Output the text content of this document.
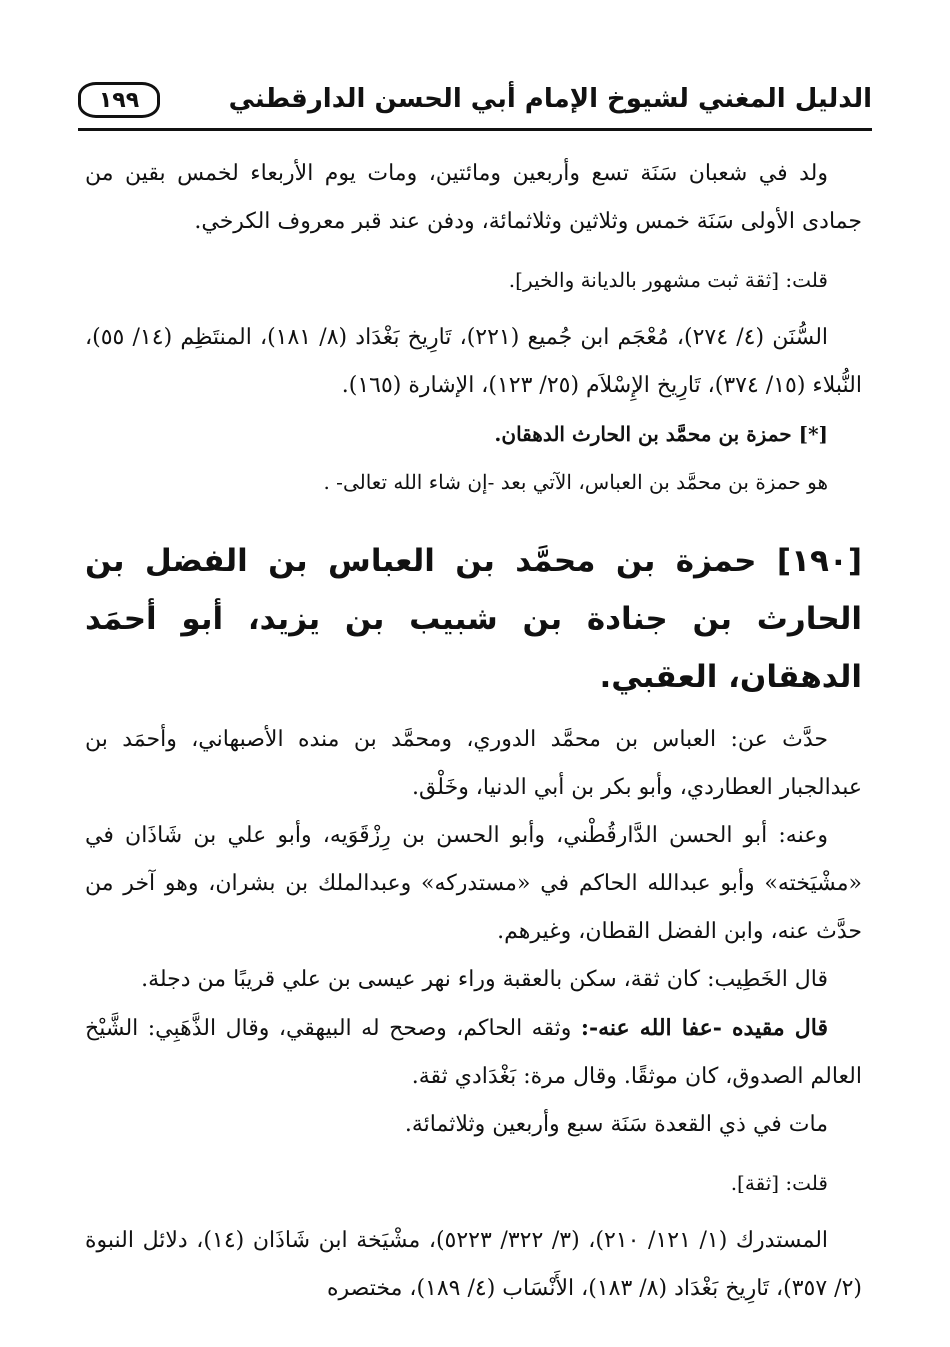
الدليل المغني لشيوخ الإمام أبي الحسن الدارقطني
١٩٩

ولد في شعبان سَنَة تسع وأربعين ومائتين، ومات يوم الأربعاء لخمس بقين من جمادى الأولى سَنَة خمس وثلاثين وثلاثمائة، ودفن عند قبر معروف الكرخي.

قلت: [ثقة ثبت مشهور بالديانة والخير].

السُّنَن (٤/ ٢٧٤)، مُعْجَم ابن جُميع (٢٢١)، تَارِيخ بَغْدَاد (٨/ ١٨١)، المنتَظِم (١٤/ ٥٥)، النُّبلاء (١٥/ ٣٧٤)، تَارِيخ الإِسْلاَم (٢٥/ ١٢٣)، الإشارة (١٦٥).

[*] حمزة بن محمَّد بن الحارث الدهقان.

هو حمزة بن محمَّد بن العباس، الآتي بعد -إن شاء الله تعالى- .

[١٩٠] حمزة بن محمَّد بن العباس بن الفضل بن الحارث بن جنادة بن شبيب بن يزيد، أبو أحمَد الدهقان، العقبي.

حدَّث عن: العباس بن محمَّد الدوري، ومحمَّد بن منده الأصبهاني، وأحمَد بن عبدالجبار العطاردي، وأبو بكر بن أبي الدنيا، وخَلْق.

وعنه: أبو الحسن الدَّارقُطْني، وأبو الحسن بن رِزْقَوَيه، وأبو علي بن شَاذَان في «مشْيَخته» وأبو عبدالله الحاكم في «مستدركه» وعبدالملك بن بشران، وهو آخر من حدَّث عنه، وابن الفضل القطان، وغيرهم.

قال الخَطِيب: كان ثقة، سكن بالعقبة وراء نهر عيسى بن علي قريبًا من دجلة.

قال مقيده -عفا الله عنه-: وثقه الحاكم، وصحح له البيهقي، وقال الذَّهَبِي: الشَّيْخ العالم الصدوق، كان موثقًا. وقال مرة: بَغْدَادي ثقة.

مات في ذي القعدة سَنَة سبع وأربعين وثلاثمائة.

قلت: [ثقة].

المستدرك (١/ ١٢١/ ٢١٠)، (٣/ ٣٢٢/ ٥٢٢٣)، مشْيَخة ابن شَاذَان (١٤)، دلائل النبوة (٢/ ٣٥٧)، تَارِيخ بَغْدَاد (٨/ ١٨٣)، الأَنْسَاب (٤/ ١٨٩)، مختصره
